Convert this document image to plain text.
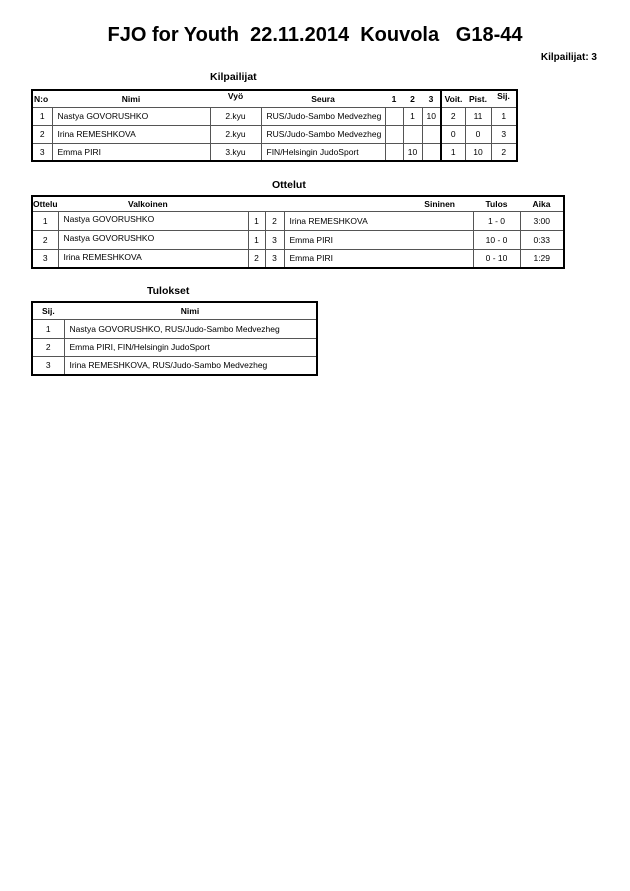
FJO for Youth  22.11.2014  Kouvola   G18-44
Kilpailijat: 3
Kilpailijat
N:o	Nimi	Vyö	Seura	1	2	3	Voit.	Pist.	Sij.
1	Nastya GOVORUSHKO	2.kyu	RUS/Judo-Sambo Medvezheg		1	10	2	11	1
2	Irina REMESHKOVA	2.kyu	RUS/Judo-Sambo Medvezheg				0	0	3
3	Emma PIRI	3.kyu	FIN/Helsingin JudoSport		10		1	10	2
Ottelut
Ottelu	Valkoinen			Sininen	Tulos	Aika
1	Nastya GOVORUSHKO	1	2	Irina REMESHKOVA	1 - 0	3:00
2	Nastya GOVORUSHKO	1	3	Emma PIRI	10 - 0	0:33
3	Irina REMESHKOVA	2	3	Emma PIRI	0 - 10	1:29
Tulokset
Sij.	Nimi
1	Nastya GOVORUSHKO, RUS/Judo-Sambo Medvezheg
2	Emma PIRI, FIN/Helsingin JudoSport
3	Irina REMESHKOVA, RUS/Judo-Sambo Medvezheg
